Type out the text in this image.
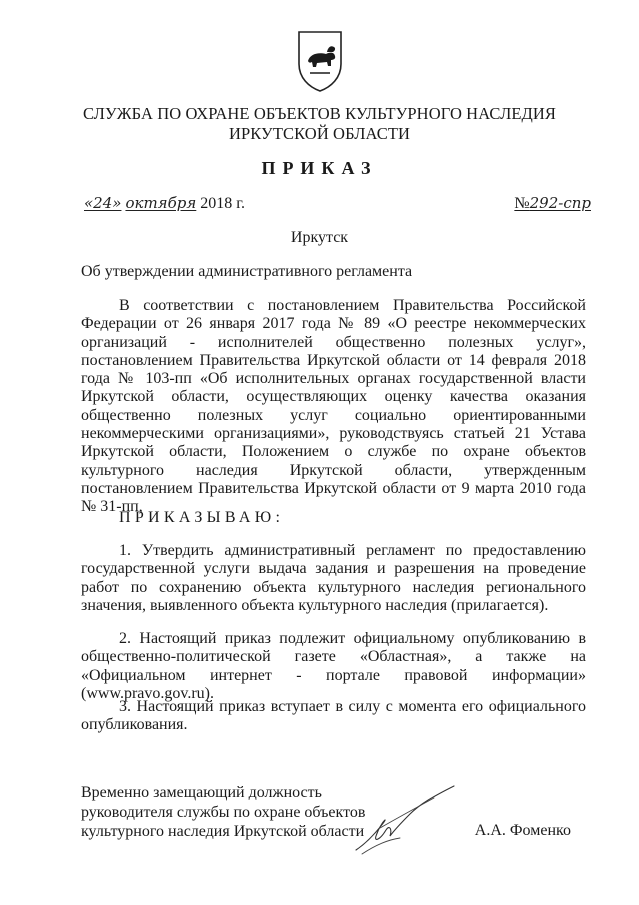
СЛУЖБА ПО ОХРАНЕ ОБЪЕКТОВ КУЛЬТУРНОГО НАСЛЕДИЯ
ИРКУТСКОЙ ОБЛАСТИ
ПРИКАЗ
«24» октября 2018 г.	№292-спр
Иркутск
Об утверждении административного регламента

В соответствии с постановлением Правительства Российской Федерации от 26 января 2017 года № 89 «О реестре некоммерческих организаций - исполнителей общественно полезных услуг», постановлением Правительства Иркутской области от 14 февраля 2018 года № 103-пп «Об исполнительных органах государственной власти Иркутской области, осуществляющих оценку качества оказания общественно полезных услуг социально ориентированными некоммерческими организациями», руководствуясь статьей 21 Устава Иркутской области, Положением о службе по охране объектов культурного наследия Иркутской области, утвержденным постановлением Правительства Иркутской области от 9 марта 2010 года № 31-пп,

ПРИКАЗЫВАЮ:

1. Утвердить административный регламент по предоставлению государственной услуги выдача задания и разрешения на проведение работ по сохранению объекта культурного наследия регионального значения, выявленного объекта культурного наследия (прилагается).

2. Настоящий приказ подлежит официальному опубликованию в общественно-политической газете «Областная», а также на «Официальном интернет - портале правовой информации» (www.pravo.gov.ru).

3. Настоящий приказ вступает в силу с момента его официального опубликования.

Временно замещающий должность
руководителя службы по охране объектов
культурного наследия Иркутской области	А.А. Фоменко
